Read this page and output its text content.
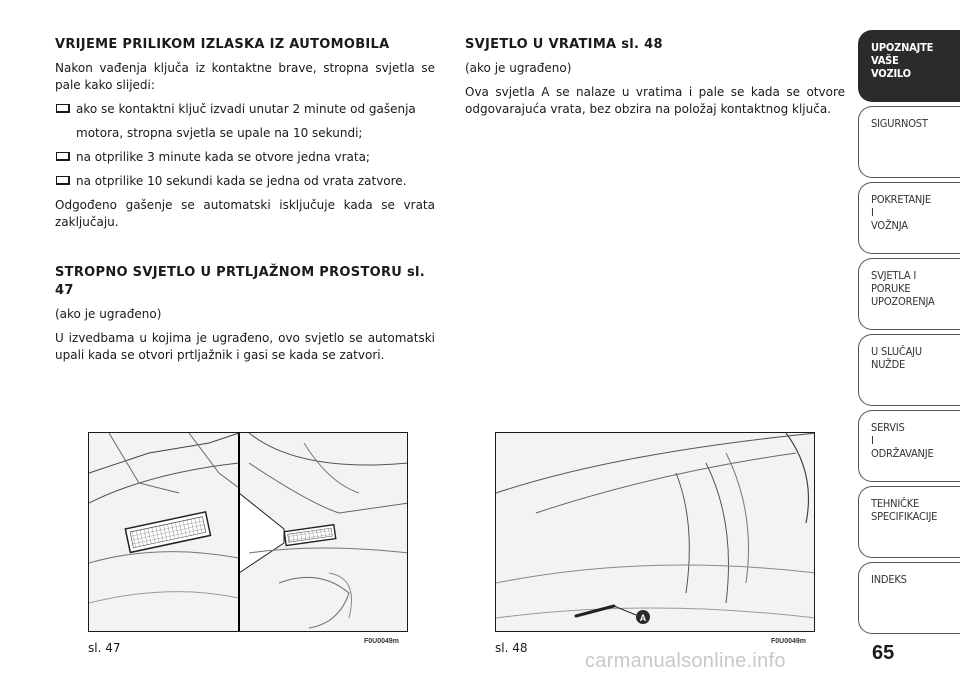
VRIJEME PRILIKOM IZLASKA IZ AUTOMOBILA

Nakon vađenja ključa iz kontaktne brave, stropna svjetla se pale kako slijedi:

ako se kontaktni ključ izvadi unutar 2 minute od gašenja

motora, stropna svjetla se upale na 10 sekundi;

na otprilike 3 minute kada se otvore jedna vrata;
na otprilike 10 sekundi kada se jedna od vrata zatvore.

Odgođeno gašenje se automatski isključuje kada se vrata zaključaju.

STROPNO SVJETLO U PRTLJAŽNOM PROSTORU sl. 47

(ako je ugrađeno)

U izvedbama u kojima je ugrađeno, ovo svjetlo se automatski upali kada se otvori prtljažnik i gasi se kada se zatvori.

SVJETLO U VRATIMA sl. 48

(ako je ugrađeno)

Ova svjetla A se nalaze u vratima i pale se kada se otvore odgovarajuća vrata, bez obzira na položaj kontaktnog ključa.

A
sl. 47	F0U0049m	sl. 48	F0U0049m
UPOZNAJTE
VAŠE
VOZILO
SIGURNOST
POKRETANJE
I
VOŽNJA
SVJETLA I
PORUKE
UPOZORENJA
U SLUČAJU
NUŽDE
SERVIS
I
ODRŽAVANJE
TEHNIČKE
SPECIFIKACIJE
INDEKS
65
carmanualsonline.info
